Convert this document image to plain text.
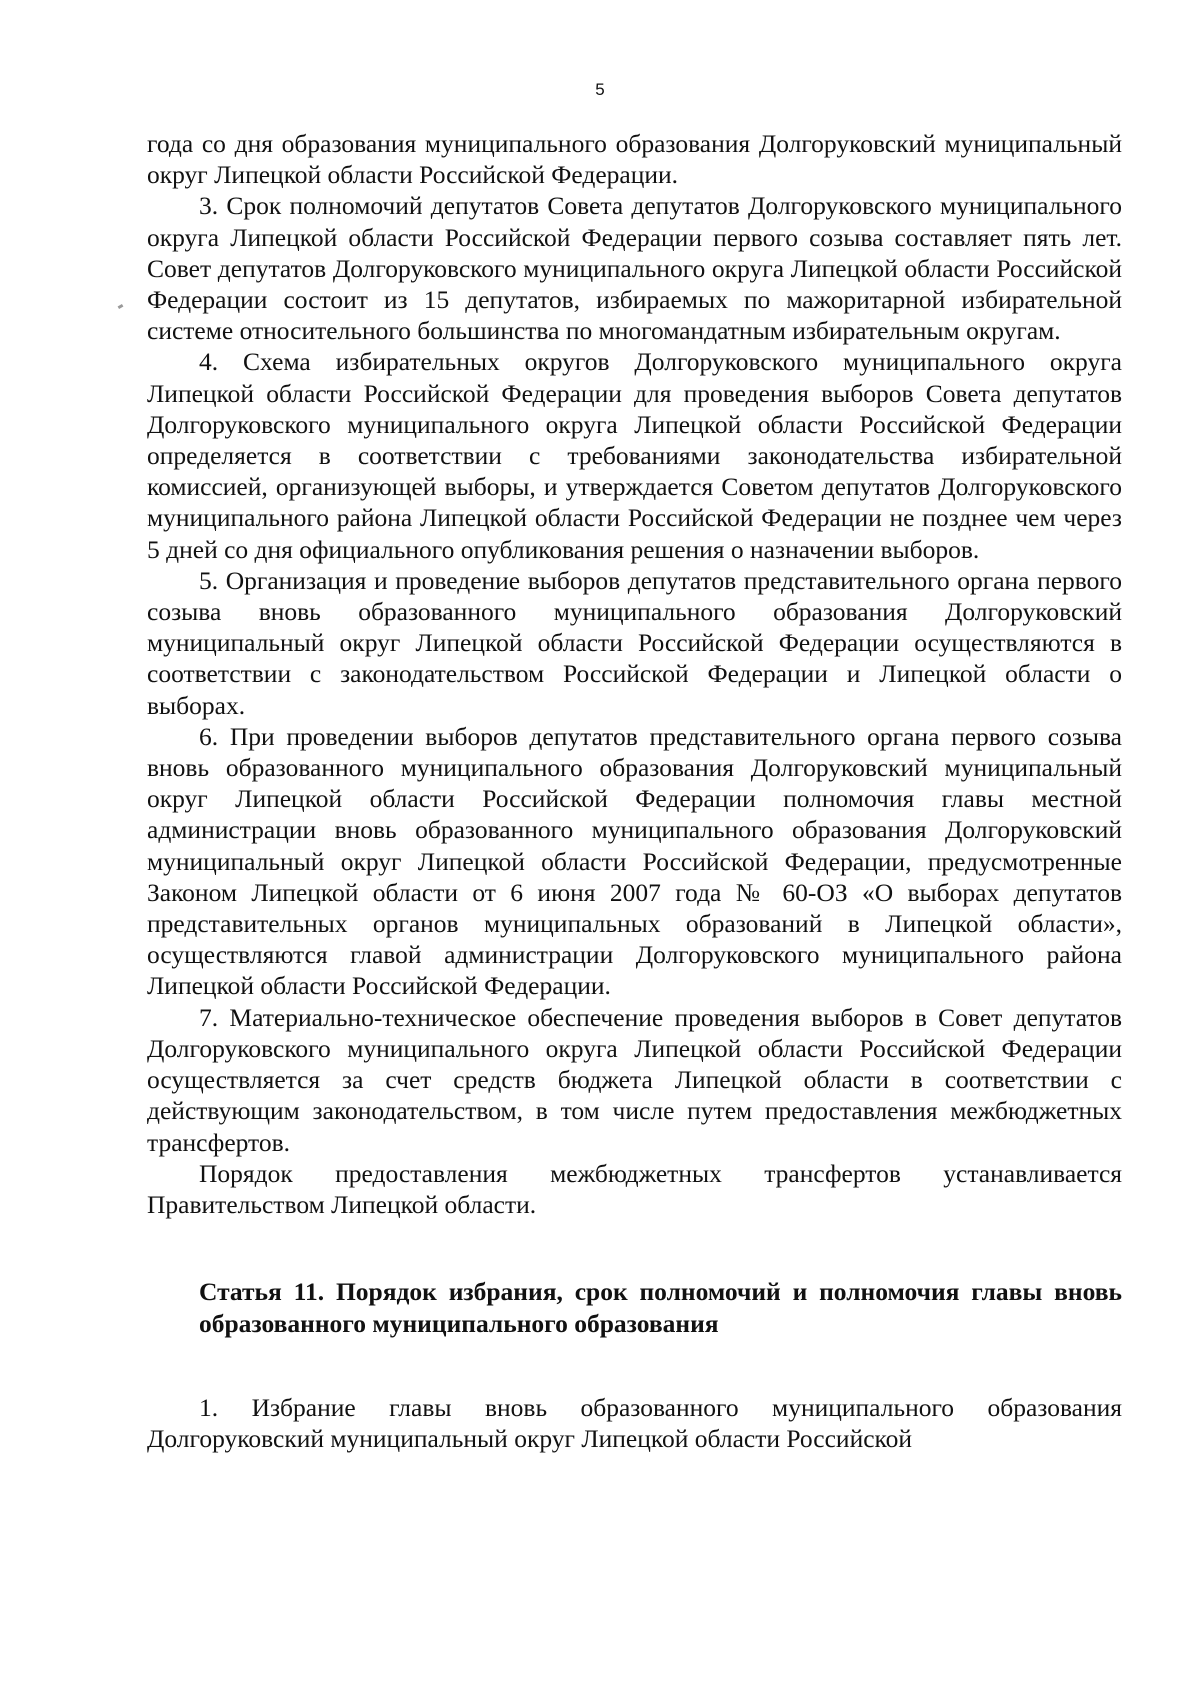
5

года со дня образования муниципального образования Долгоруковский муниципальный округ Липецкой области Российской Федерации.

3. Срок полномочий депутатов Совета депутатов Долгоруковского муниципального округа Липецкой области Российской Федерации первого созыва составляет пять лет. Совет депутатов Долгоруковского муниципального округа Липецкой области Российской Федерации состоит из 15 депутатов, избираемых по мажоритарной избирательной системе относительного большинства по многомандатным избирательным округам.

4. Схема избирательных округов Долгоруковского муниципального округа Липецкой области Российской Федерации для проведения выборов Совета депутатов Долгоруковского муниципального округа Липецкой области Российской Федерации определяется в соответствии с требованиями законодательства избирательной комиссией, организующей выборы, и утверждается Советом депутатов Долгоруковского муниципального района Липецкой области Российской Федерации не позднее чем через 5 дней со дня официального опубликования решения о назначении выборов.

5. Организация и проведение выборов депутатов представительного органа первого созыва вновь образованного муниципального образования Долгоруковский муниципальный округ Липецкой области Российской Федерации осуществляются в соответствии с законодательством Российской Федерации и Липецкой области о выборах.

6. При проведении выборов депутатов представительного органа первого созыва вновь образованного муниципального образования Долгоруковский муниципальный округ Липецкой области Российской Федерации полномочия главы местной администрации вновь образованного муниципального образования Долгоруковский муниципальный округ Липецкой области Российской Федерации, предусмотренные Законом Липецкой области от 6 июня 2007 года № 60-ОЗ «О выборах депутатов представительных органов муниципальных образований в Липецкой области», осуществляются главой администрации Долгоруковского муниципального района Липецкой области Российской Федерации.

7. Материально-техническое обеспечение проведения выборов в Совет депутатов Долгоруковского муниципального округа Липецкой области Российской Федерации осуществляется за счет средств бюджета Липецкой области в соответствии с действующим законодательством, в том числе путем предоставления межбюджетных трансфертов.

Порядок предоставления межбюджетных трансфертов устанавливается Правительством Липецкой области.

Статья 11. Порядок избрания, срок полномочий и полномочия главы вновь образованного муниципального образования

1. Избрание главы вновь образованного муниципального образования Долгоруковский муниципальный округ Липецкой области Российской
